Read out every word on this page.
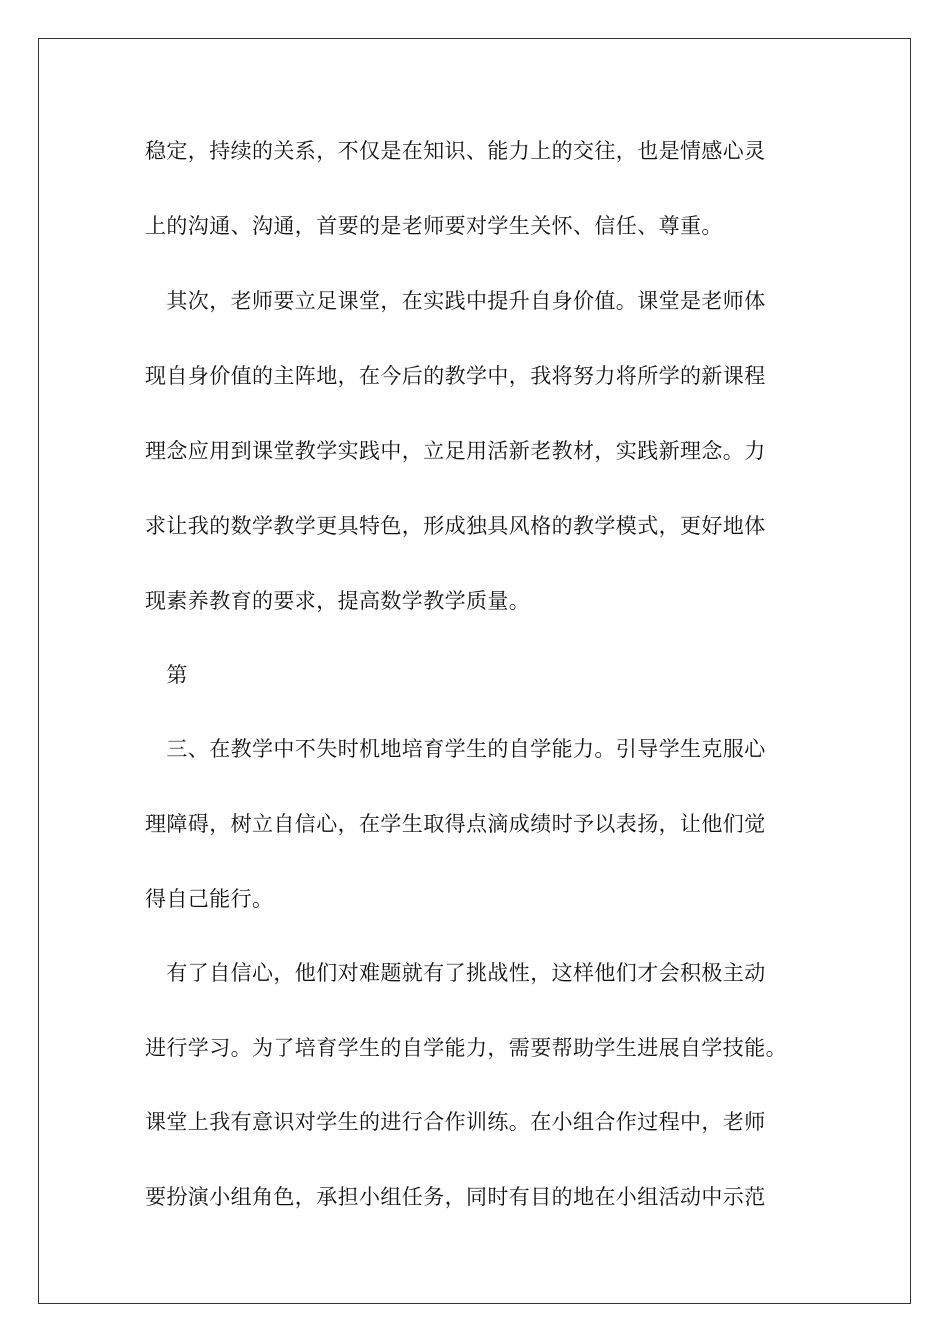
稳定，持续的关系，不仅是在知识、能力上的交往，也是情感心灵
上的沟通、沟通，首要的是老师要对学生关怀、信任、尊重。
　其次，老师要立足课堂，在实践中提升自身价值。课堂是老师体
现自身价值的主阵地，在今后的教学中，我将努力将所学的新课程
理念应用到课堂教学实践中，立足用活新老教材，实践新理念。力
求让我的数学教学更具特色，形成独具风格的教学模式，更好地体
现素养教育的要求，提高数学教学质量。
　第
　三、在教学中不失时机地培育学生的自学能力。引导学生克服心
理障碍，树立自信心，在学生取得点滴成绩时予以表扬，让他们觉
得自己能行。
　有了自信心，他们对难题就有了挑战性，这样他们才会积极主动
进行学习。为了培育学生的自学能力，需要帮助学生进展自学技能。
课堂上我有意识对学生的进行合作训练。在小组合作过程中，老师
要扮演小组角色，承担小组任务，同时有目的地在小组活动中示范
